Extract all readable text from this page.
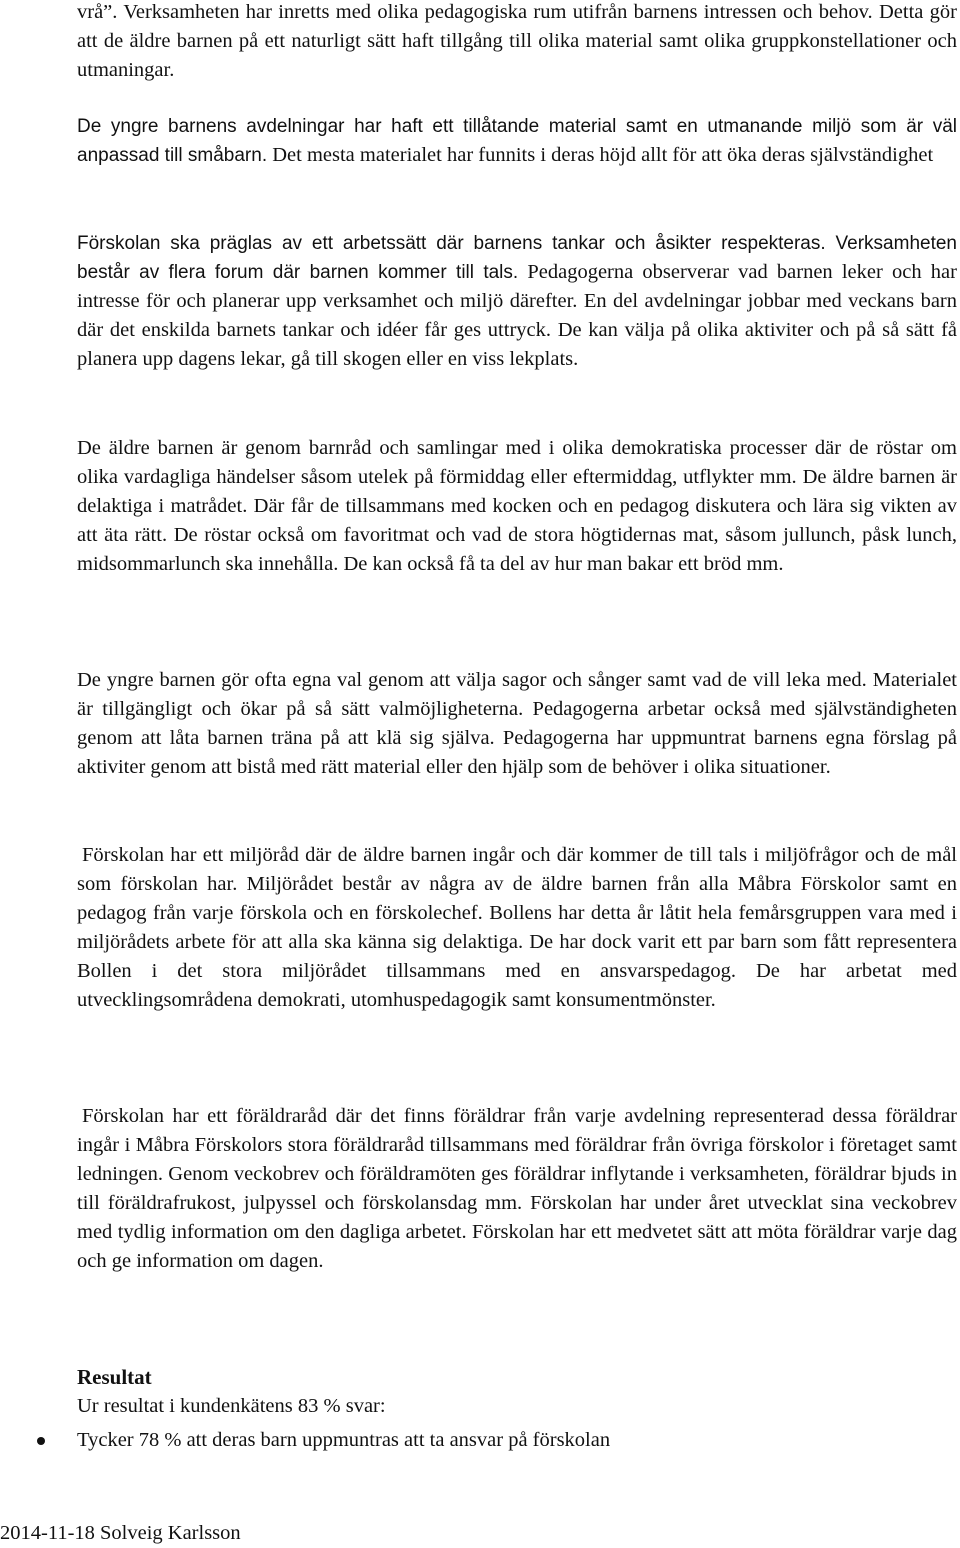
vrå”. Verksamheten har inretts med olika pedagogiska rum utifrån barnens intressen och behov. Detta gör att de äldre barnen på ett naturligt sätt haft tillgång till olika material samt olika gruppkonstellationer och utmaningar.

De yngre barnens avdelningar har haft ett tillåtande material samt en utmanande miljö som är väl anpassad till småbarn. Det mesta materialet har funnits i deras höjd allt för att öka deras självständighet

Förskolan ska präglas av ett arbetssätt där barnens tankar och åsikter respekteras. Verksamheten består av flera forum där barnen kommer till tals. Pedagogerna observerar vad barnen leker och har intresse för och planerar upp verksamhet och miljö därefter. En del avdelningar jobbar med veckans barn där det enskilda barnets tankar och idéer får ges uttryck. De kan välja på olika aktiviter och på så sätt få planera upp dagens lekar, gå till skogen eller en viss lekplats.

De äldre barnen är genom barnråd och samlingar med i olika demokratiska processer där de röstar om olika vardagliga händelser såsom utelek på förmiddag eller eftermiddag, utflykter mm. De äldre barnen är delaktiga i matrådet. Där får de tillsammans med kocken och en pedagog diskutera och lära sig vikten av att äta rätt. De röstar också om favoritmat och vad de stora högtidernas mat, såsom jullunch, påsk lunch, midsommarlunch ska innehålla. De kan också få ta del av hur man bakar ett bröd mm.

De yngre barnen gör ofta egna val genom att välja sagor och sånger samt vad de vill leka med. Materialet är tillgängligt och ökar på så sätt valmöjligheterna. Pedagogerna arbetar också med självständigheten genom att låta barnen träna på att klä sig själva. Pedagogerna har uppmuntrat barnens egna förslag på aktiviter genom att bistå med rätt material eller den hjälp som de behöver i olika situationer.

Förskolan har ett miljöråd där de äldre barnen ingår och där kommer de till tals i miljöfrågor och de mål som förskolan har. Miljörådet består av några av de äldre barnen från alla Måbra Förskolor samt en pedagog från varje förskola och en förskolechef. Bollens har detta år låtit hela femårsgruppen vara med i miljörådets arbete för att alla ska känna sig delaktiga. De har dock varit ett par barn som fått representera Bollen i det stora miljörådet tillsammans med en ansvarspedagog. De har arbetat med utvecklingsområdena demokrati, utomhuspedagogik samt konsumentmönster.

Förskolan har ett föräldraråd där det finns föräldrar från varje avdelning representerad dessa föräldrar ingår i Måbra Förskolors stora föräldraråd tillsammans med föräldrar från övriga förskolor i företaget samt ledningen. Genom veckobrev och föräldramöten ges föräldrar inflytande i verksamheten, föräldrar bjuds in till föräldrafrukost, julpyssel och förskolansdag mm. Förskolan har under året utvecklat sina veckobrev med tydlig information om den dagliga arbetet. Förskolan har ett medvetet sätt att möta föräldrar varje dag och ge information om dagen.

Resultat
Ur resultat i kundenkätens 83 % svar:
Tycker 78 % att deras barn uppmuntras att ta ansvar på förskolan
2014-11-18 Solveig Karlsson
